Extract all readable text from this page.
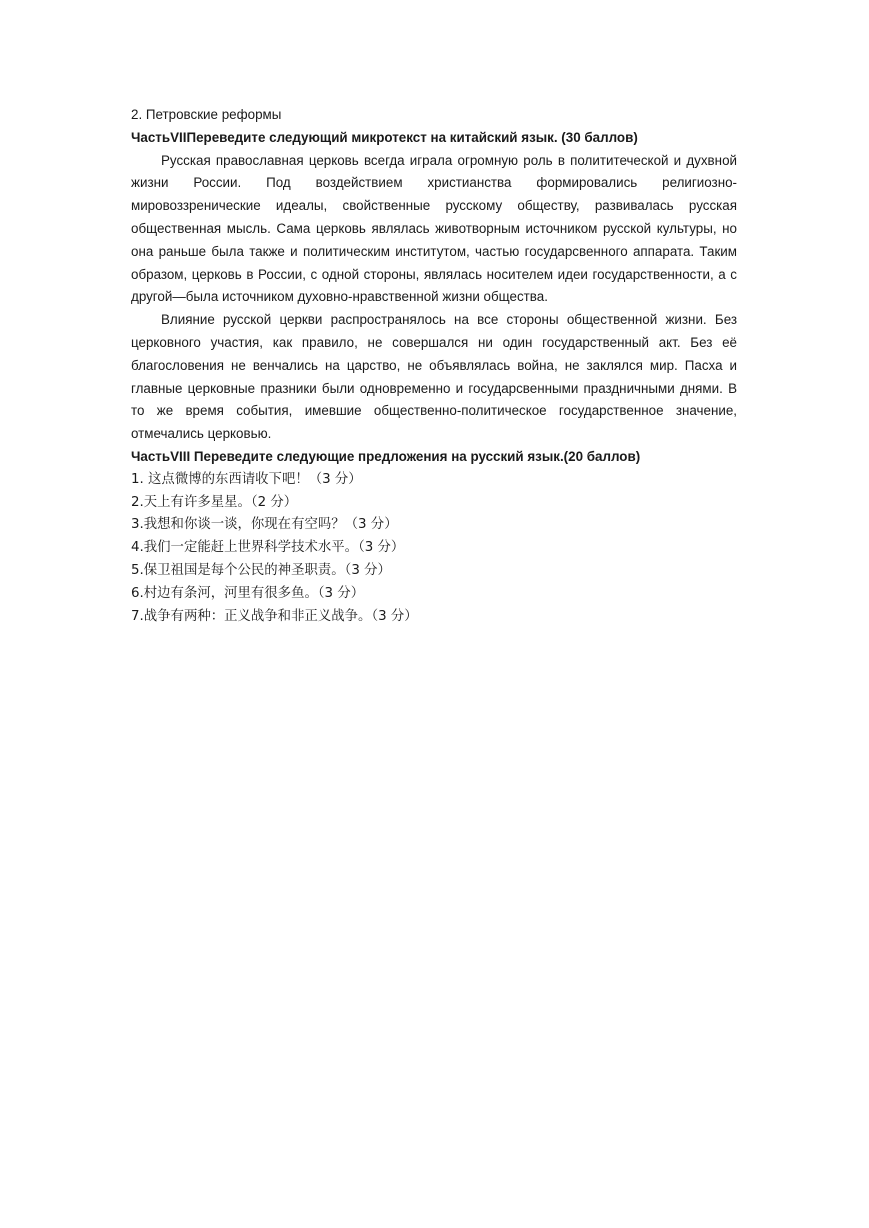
2. Петровские реформы

ЧастьVIIПереведите следующий микротекст на китайский язык. (30 баллов)

Русская православная церковь всегда играла огромную роль в полититеческой и духвной жизни России. Под воздействием христианства формировались религиозно-мировоззренические идеалы, свойственные русскому обществу, развивалась русская общественная мысль. Сама церковь являлась животворным источником русской культуры, но она раньше была также и политическим институтом, частью государсвенного аппарата. Таким образом, церковь в России, с одной стороны, являлась носителем идеи государственности, а с другой—была источником духовно-нравственной жизни общества.

Влияние русской церкви распространялось на все стороны общественной жизни. Без церковного участия, как правило, не совершался ни один государственный акт. Без её благословения не венчались на царство, не объявлялась война, не заклялся мир. Пасха и главные церковные празники были одновременно и государсвенными праздничными днями. В то же время события, имевшие общественно-политическое государственное значение, отмечались церковью.

ЧастьVIII Переведите следующие предложения на русский язык.(20 баллов)

1. 这点微博的东西请收下吧！（3 分）

2.天上有许多星星。（2 分）

3.我想和你谈一谈，你现在有空吗？（3 分）

4.我们一定能赶上世界科学技术水平。（3 分）

5.保卫祖国是每个公民的神圣职责。（3 分）

6.村边有条河，河里有很多鱼。（3 分）

7.战争有两种：正义战争和非正义战争。（3 分）
